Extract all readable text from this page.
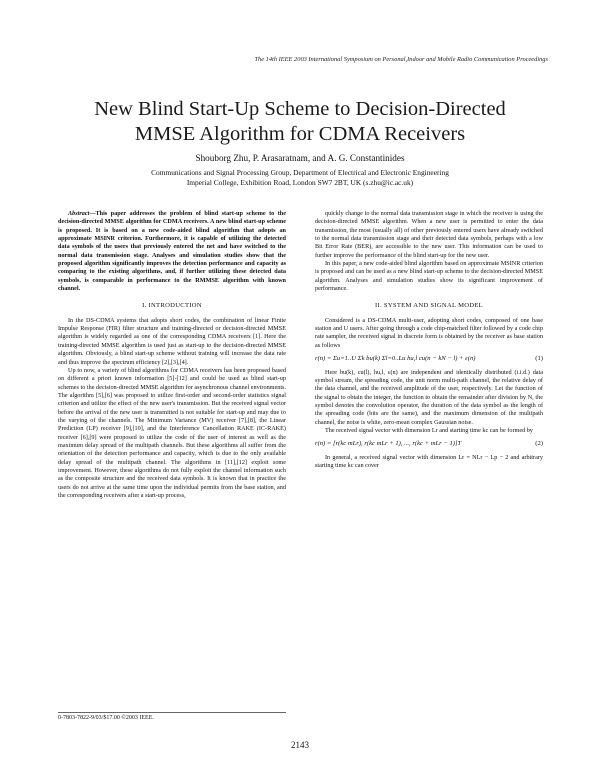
The 14th IEEE 2003 International Symposium on Personal,Indoor and Mobile Radio Communication Proceedings
New Blind Start-Up Scheme to Decision-Directed
MMSE Algorithm for CDMA Receivers
Shouborg Zhu, P. Arasaratnam, and A. G. Constantinides
Communications and Signal Processing Group, Department of Electrical and Electronic Engineering
Imperial College, Exhibition Road, London SW7 2BT, UK (s.zhu@ic.ac.uk)

Abstract—This paper addresses the problem of blind start-up scheme to the decision-directed MMSE algorithm for CDMA receivers. A new blind start-up scheme is proposed. It is based on a new code-aided blind algorithm that adopts an approximate MSINR criterion. Furthermore, it is capable of utilizing the detected data symbols of the users that previously entered the net and have switched to the normal data transmission stage. Analyses and simulation studies show that the proposed algorithm significantly improves the detection performance and capacity as comparing to the existing algorithms, and, if further utilizing these detected data symbols, is comparable in performance to the RMMSE algorithm with known channel.

I. INTRODUCTION

In the DS-CDMA systems that adopts short codes, the combination of linear Finite Impulse Response (FIR) filter structure and training-directed or decision-directed MMSE algorithm is widely regarded as one of the corresponding CDMA receivers [1]. Here the training-directed MMSE algorithm is used just as start-up to the decision-directed MMSE algorithm. Obviously, a blind start-up scheme without training will increase the data rate and thus improve the spectrum efficiency [2],[3],[4].

Up to now, a variety of blind algorithms for CDMA receivers has been proposed based on different a priori known information [5]-[12] and could be used as blind start-up schemes to the decision-directed MMSE algorithm for asynchronous channel environments. The algorithm [5],[6] was proposed to utilize first-order and second-order statistics signal criterion and utilize the effect of the new user's transmission. But the received signal vector before the arrival of the new user is transmitted is not suitable for start-up and may due to the varying of the channels. The Minimum Variance (MV) receiver [7],[8], the Linear Prediction (LP) receiver [9],[10], and the Interference Cancellation RAKE (IC-RAKE) receiver [6],[9] were proposed to utilize the code of the user of interest as well as the maximum delay spread of the multipath channels. But these algorithms all suffer from the orientation of the detection performance and capacity, which is due to the only available delay spread of the multipath channel. The algorithms in [11],[12] exploit some improvement. However, these algorithms do not fully exploit the channel information such as the composite structure and the received data symbols. It is known that in practice the users do not arrive at the same time upon the individual permits from the base station, and the corresponding receivers after a start-up process,

quickly change to the normal data transmission stage in which the receiver is using the decision-directed MMSE algorithm. When a new user is permitted to enter the data transmission, the most (usually all) of other previously entered users have already switched to the normal data transmission stage and their detected data symbols, perhaps with a low Bit Error Rate (BER), are accessible to the new user. This information can be used to further improve the performance of the blind start-up for the new user.

In this paper, a new code-aided blind algorithm based on approximate MSINR criterion is proposed and can be used as a new blind start-up scheme to the decision-directed MMSE algorithm. Analyses and simulation studies show its significant improvement of performance.

II. SYSTEM AND SIGNAL MODEL

Considered is a DS-CDMA multi-user, adopting short codes, composed of one base station and U users. After going through a code chip-matched filter followed by a code chip rate sampler, the received signal in discrete form is obtained by the receiver as base station as follows

r(n) = Σu=1..U Σk bu(k) Σl=0..Lu hu,l cu(n − kN − l) + ε(n)	(1)

Here bu(k), cu(l), hu,l, ε(n) are independent and identically distributed (i.i.d.) data symbol stream, the spreading code, the unit norm multi-path channel, the relative delay of the data channel, and the received amplitude of the user, respectively. Let the function of the signal to obtain the integer, the function to obtain the remainder after division by N, the symbol denotes the convolution operator, the duration of the data symbol as the length of the spreading code (bits are the same), and the maximum dimension of the multipath channel, the noise is white, zero-mean complex Gaussian noise.

The received signal vector with dimension Lr and starting time kc can be formed by

r(n) = [r(kc mLr), r(kc mLr + 1), ..., r(kc + mLr − 1)]T	(2)

In general, a received signal vector with dimension Lr = NLr − Lp − 2 and arbitrary starting time kc can cover

0-7803-7822-9/03/$17.00 ©2003 IEEE.
2143
